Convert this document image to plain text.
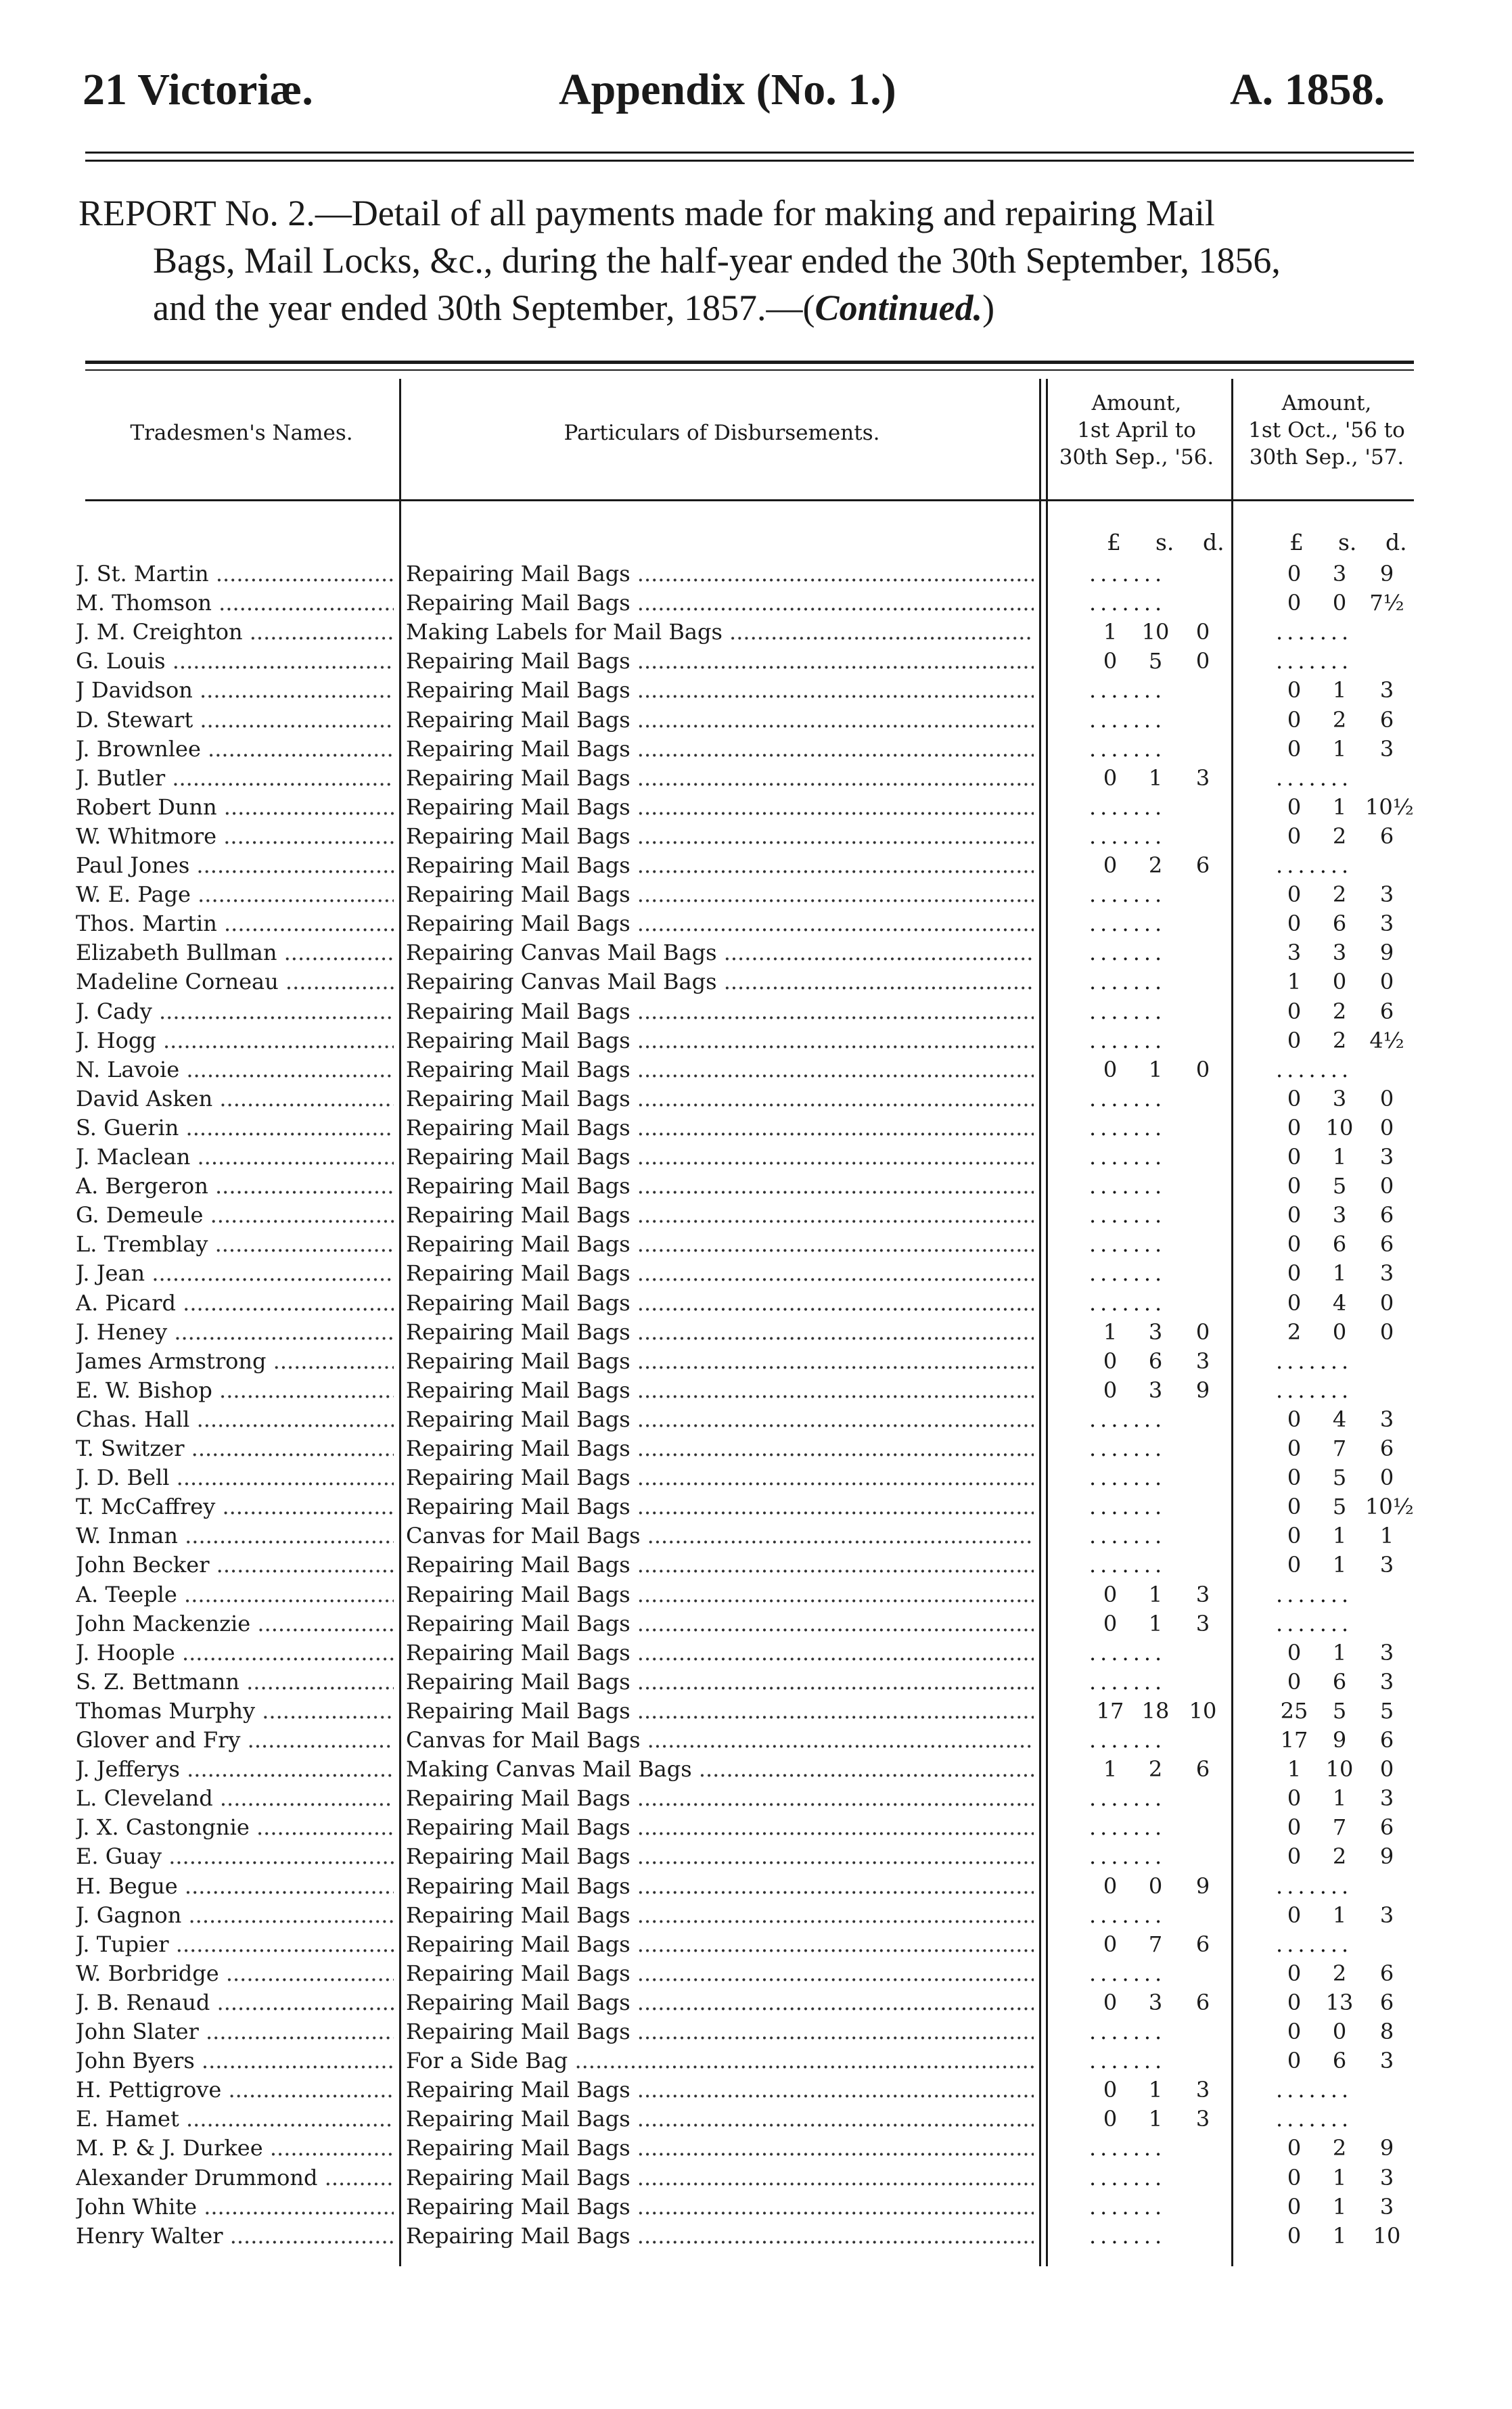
21 Victoriæ.	Appendix (No. 1.)	A. 1858.
REPORT No. 2.—Detail of all payments made for making and repairing Mail
Bags, Mail Locks, &c., during the half-year ended the 30th September, 1856,
and the year ended 30th September, 1857.—(Continued.)
Tradesmen's Names.	Particulars of Disbursements.
Amount,
1st April to
30th Sep., '56.
Amount,
1st Oct., '56 to
30th Sep., '57.
£ s. d.	£ s. d.
J. St. Martin .....	Repairing Mail Bags .....	.......	0	3	9
M. Thomson .....	Repairing Mail Bags .....	.......	0	0	7½
J. M. Creighton .....	Making Labels for Mail Bags .....	1	10	0	.......
G. Louis .....	Repairing Mail Bags .....	0	5	0	.......
J Davidson .....	Repairing Mail Bags .....	.......	0	1	3
D. Stewart .....	Repairing Mail Bags .....	.......	0	2	6
J. Brownlee .....	Repairing Mail Bags .....	.......	0	1	3
J. Butler .....	Repairing Mail Bags .....	0	1	3	.......
Robert Dunn .....	Repairing Mail Bags .....	.......	0	1 10½
W. Whitmore .....	Repairing Mail Bags .....	.......	0	2	6
Paul Jones .....	Repairing Mail Bags .....	0	2	6	.......
W. E. Page .....	Repairing Mail Bags .....	.......	0	2	3
Thos. Martin .....	Repairing Mail Bags .....	.......	0	6	3
Elizabeth Bullman .....	Repairing Canvas Mail Bags .....	.......	3	3	9
Madeline Corneau .....	Repairing Canvas Mail Bags .....	.......	1	0	0
J. Cady .....	Repairing Mail Bags .....	.......	0	2	6
J. Hogg .....	Repairing Mail Bags .....	.......	0	2	4½
N. Lavoie .....	Repairing Mail Bags .....	0	1	0	.......
David Asken .....	Repairing Mail Bags .....	.......	0	3	0
S. Guerin .....	Repairing Mail Bags .....	.......	0	10	0
J. Maclean .....	Repairing Mail Bags .....	.......	0	1	3
A. Bergeron .....	Repairing Mail Bags .....	.......	0	5	0
G. Demeule .....	Repairing Mail Bags .....	.......	0	3	6
L. Tremblay .....	Repairing Mail Bags .....	.......	0	6	6
J. Jean .....	Repairing Mail Bags .....	.......	0	1	3
A. Picard .....	Repairing Mail Bags .....	.......	0	4	0
J. Heney .....	Repairing Mail Bags .....	1	3	0	2	0	0
James Armstrong .....	Repairing Mail Bags .....	0	6	3	.......
E. W. Bishop .....	Repairing Mail Bags .....	0	3	9	.......
Chas. Hall .....	Repairing Mail Bags .....	.......	0	4	3
T. Switzer .....	Repairing Mail Bags .....	.......	0	7	6
J. D. Bell .....	Repairing Mail Bags .....	.......	0	5	0
T. McCaffrey .....	Repairing Mail Bags .....	.......	0	5 10½
W. Inman .....	Canvas for Mail Bags .....	.......	0	1	1
John Becker .....	Repairing Mail Bags .....	.......	0	1	3
A. Teeple .....	Repairing Mail Bags .....	0	1	3	.......
John Mackenzie .....	Repairing Mail Bags .....	0	1	3	.......
J. Hoople .....	Repairing Mail Bags .....	.......	0	1	3
S. Z. Bettmann .....	Repairing Mail Bags .....	.......	0	6	3
Thomas Murphy .....	Repairing Mail Bags .....	17 18 10	25	5	5
Glover and Fry .....	Canvas for Mail Bags .....	.......	17	9	6
J. Jefferys .....	Making Canvas Mail Bags .....	1	2	6	1	10	0
L. Cleveland .....	Repairing Mail Bags .....	.......	0	1	3
J. X. Castongnie .....	Repairing Mail Bags .....	.......	0	7	6
E. Guay .....	Repairing Mail Bags .....	.......	0	2	9
H. Begue .....	Repairing Mail Bags .....	0	0	9	.......
J. Gagnon .....	Repairing Mail Bags .....	.......	0	1	3
J. Tupier .....	Repairing Mail Bags .....	0	7	6	.......
W. Borbridge .....	Repairing Mail Bags .....	.......	0	2	6
J. B. Renaud .....	Repairing Mail Bags .....	0	3	6	0	13	6
John Slater .....	Repairing Mail Bags .....	.......	0	0	8
John Byers .....	For a Side Bag .....	.......	0	6	3
H. Pettigrove .....	Repairing Mail Bags .....	0	1	3	.......
E. Hamet .....	Repairing Mail Bags .....	0	1	3	.......
M. P. & J. Durkee .....	Repairing Mail Bags .....	.......	0	2	9
Alexander Drummond .....	Repairing Mail Bags .....	.......	0	1	3
John White .....	Repairing Mail Bags .....	.......	0	1	3
Henry Walter .....	Repairing Mail Bags .....	.......	0	1	10
